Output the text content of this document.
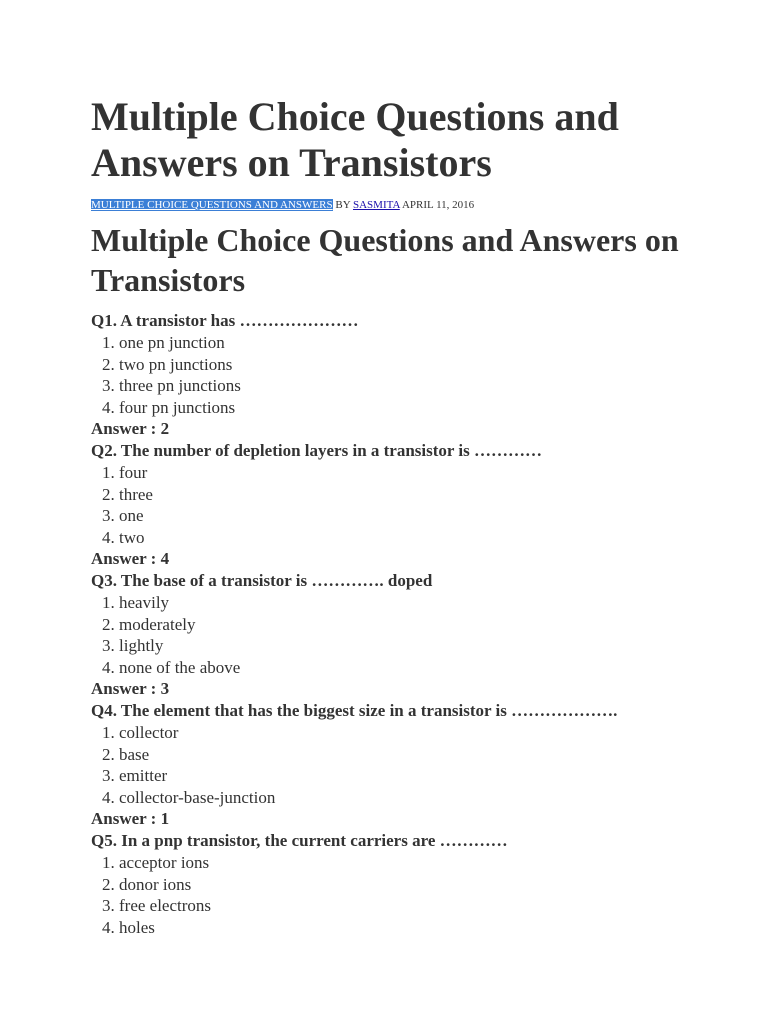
Multiple Choice Questions and Answers on Transistors
MULTIPLE CHOICE QUESTIONS AND ANSWERS BY SASMITA APRIL 11, 2016
Multiple Choice Questions and Answers on Transistors

Q1. A transistor has …………………

1. one pn junction
2. two pn junctions
3. three pn junctions
4. four pn junctions

Answer : 2

Q2. The number of depletion layers in a transistor is …………

1. four
2. three
3. one
4. two

Answer : 4

Q3. The base of a transistor is …………. doped

1. heavily
2. moderately
3. lightly
4. none of the above

Answer : 3

Q4. The element that has the biggest size in a transistor is ……………….

1. collector
2. base
3. emitter
4. collector-base-junction

Answer : 1

Q5. In a pnp transistor, the current carriers are …………

1. acceptor ions
2. donor ions
3. free electrons
4. holes
